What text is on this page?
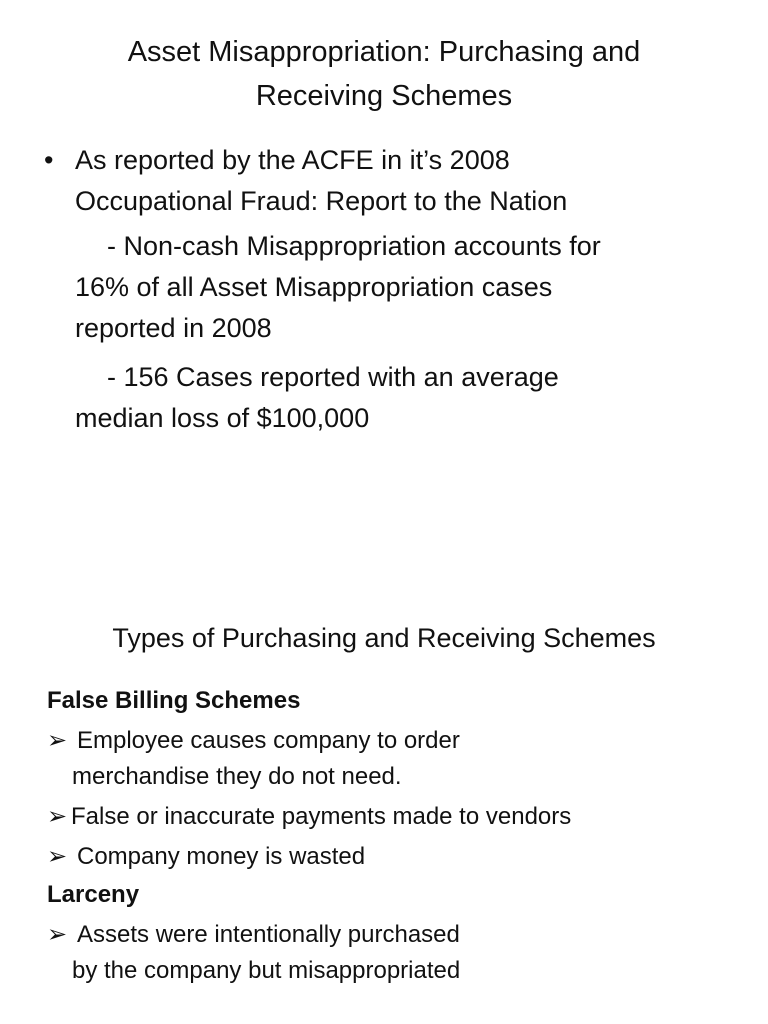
Asset Misappropriation: Purchasing and
Receiving Schemes
• As reported by the ACFE in it’s 2008
Occupational Fraud: Report to the Nation
- Non-cash Misappropriation accounts for
16% of all Asset Misappropriation cases
reported in 2008
- 156 Cases reported with an average
median loss of $100,000
Types of Purchasing and Receiving Schemes
False Billing Schemes
➢ Employee causes company to order
merchandise they do not need.
➢ False or inaccurate payments made to vendors
➢ Company money is wasted
Larceny
➢ Assets were intentionally purchased
by the company but misappropriated
